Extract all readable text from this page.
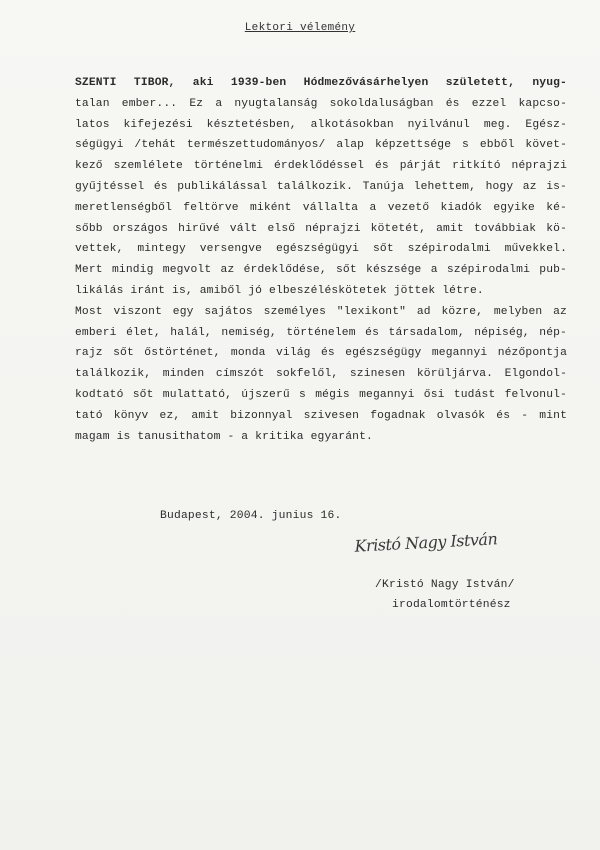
Lektori vélemény
SZENTI TIBOR, aki 1939-ben Hódmezővásárhelyen született, nyug-
talan ember... Ez a nyugtalanság sokoldaluságban és ezzel kapcso-
latos kifejezési késztetésben, alkotásokban nyilvánul meg. Egész-
ségügyi /tehát természettudományos/ alap képzettsége s ebből követ-
kező szemlélete történelmi érdeklődéssel és párját ritkító néprajzi
gyűjtéssel és publikálással találkozik. Tanúja lehettem, hogy az is-
meretlenségből feltörve miként vállalta a vezető kiadók egyike ké-
sőbb országos hirűvé vált első néprajzi kötetét, amit továbbiak kö-
vettek, mintegy versengve egészségügyi sőt szépirodalmi művekkel.
Mert mindig megvolt az érdeklődése, sőt készsége a szépirodalmi pub-
likálás iránt is, amiből jó elbeszéléskötetek jöttek létre.
Most viszont egy sajátos személyes "lexikont" ad közre, melyben az
emberi élet, halál, nemiség, történelem és társadalom, népiség, nép-
rajz sőt őstörténet, monda világ és egészségügy megannyi nézőpontja
találkozik, minden címszót sokfelől, szinesen körüljárva. Elgondol-
kodtató sőt mulattató, újszerű s mégis megannyi ősi tudást felvonul-
tató könyv ez, amit bizonnyal szivesen fogadnak olvasók és - mint
magam is tanusithatom - a kritika egyaránt.
Budapest, 2004. junius 16.
Kristó Nagy István
/Kristó Nagy István/
irodalomtörténész
